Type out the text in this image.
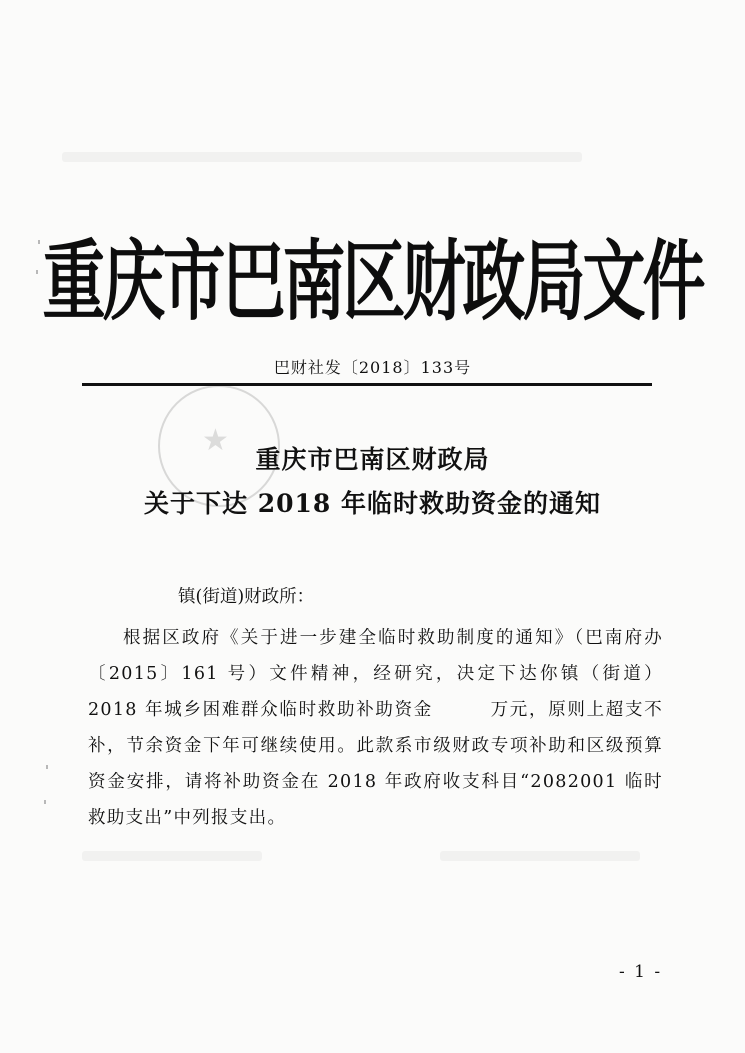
★
重庆市巴南区财政局文件
巴财社发〔2018〕133号
重庆市巴南区财政局
关于下达 2018 年临时救助资金的通知
镇(街道)财政所：
根据区政府《关于进一步建全临时救助制度的通知》（巴南府办〔2015〕161 号）文件精神，经研究，决定下达你镇（街道）2018 年城乡困难群众临时救助补助资金　　　万元，原则上超支不补，节余资金下年可继续使用。此款系市级财政专项补助和区级预算资金安排，请将补助资金在 2018 年政府收支科目“2082001 临时救助支出”中列报支出。
- 1 -
